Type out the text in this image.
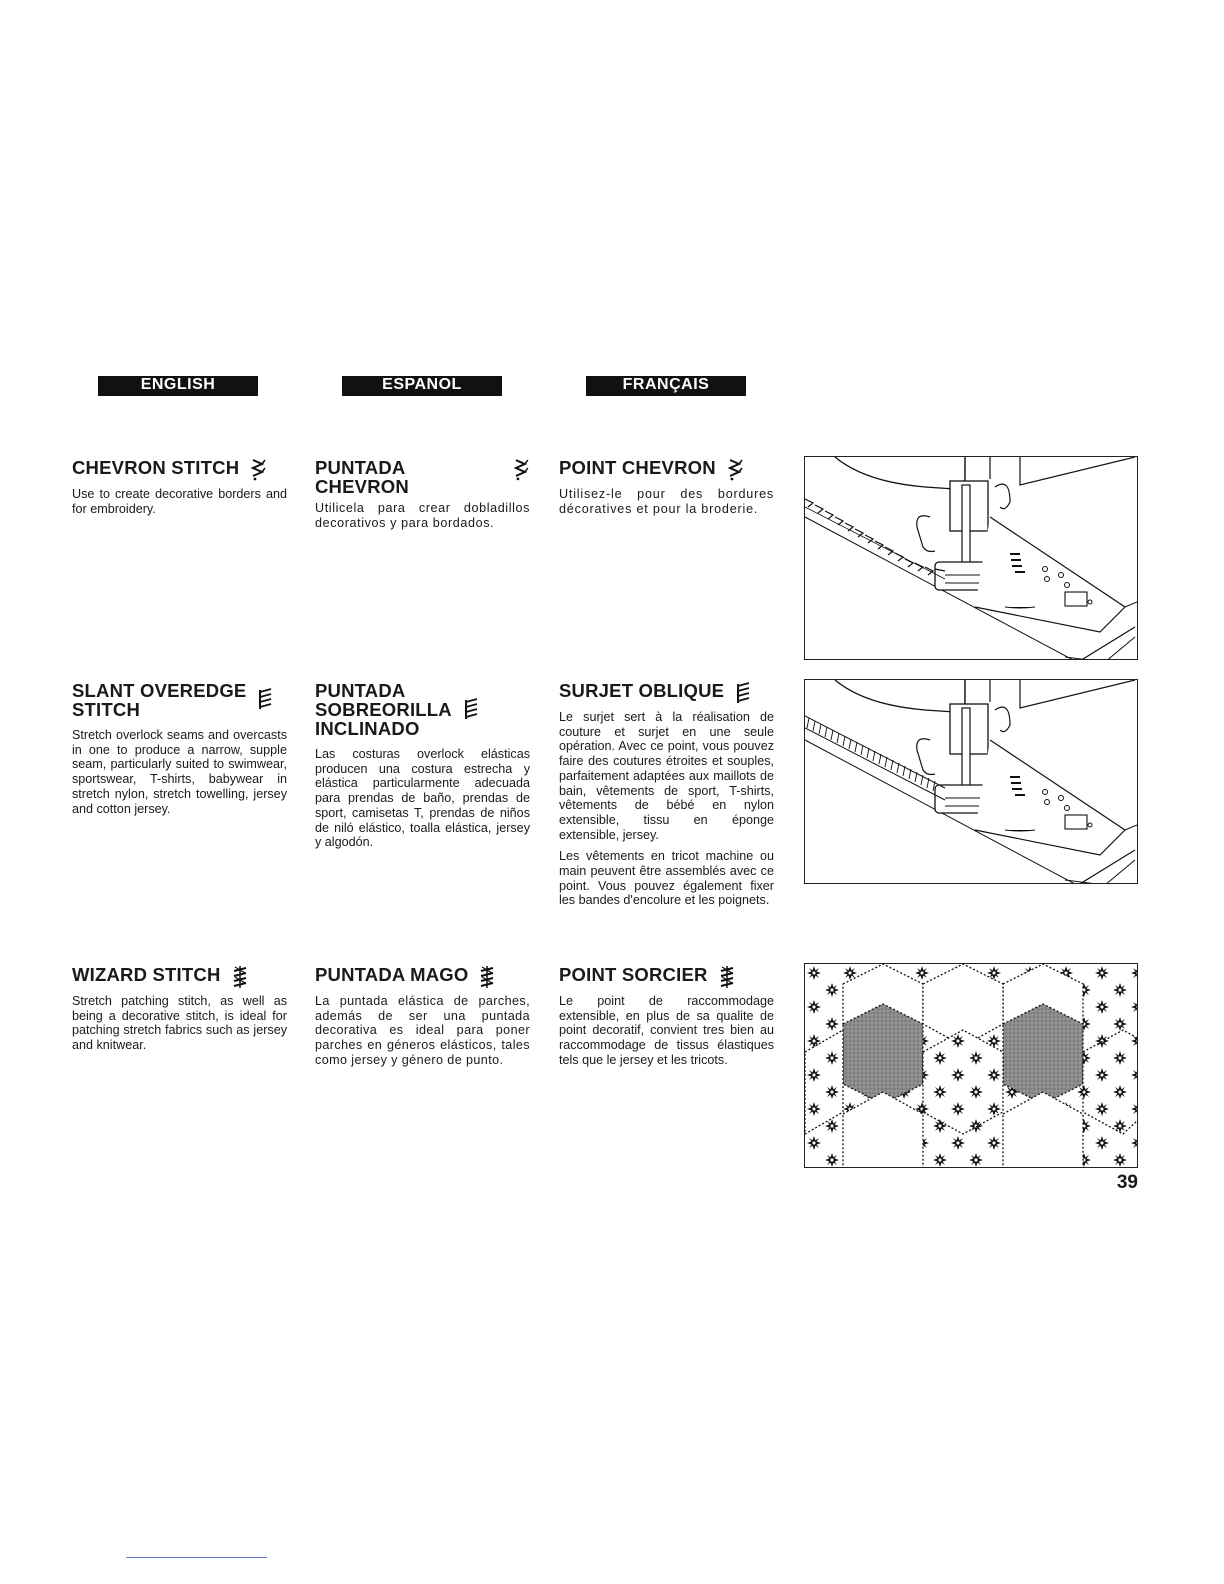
ENGLISH	ESPANOL	FRANÇAIS
CHEVRON STITCH

Use to create decorative borders and for embroidery.

PUNTADA CHEVRON

Utilicela para crear dobladillos decorativos y para bordados.

POINT CHEVRON

Utilisez-le pour des bordures décoratives et pour la broderie.

SLANT OVEREDGE
STITCH

Stretch overlock seams and overcasts in one to produce a narrow, supple seam, particularly suited to swimwear, sportswear, T-shirts, babywear in stretch nylon, stretch towelling, jersey and cotton jersey.

PUNTADA
SOBREORILLA
INCLINADO

Las costuras overlock elásticas producen una costura estrecha y elástica particularmente adecuada para prendas de baño, prendas de sport, camisetas T, prendas de niños de niló elástico, toalla elástica, jersey y algodón.

SURJET OBLIQUE

Le surjet sert à la réalisation de couture et surjet en une seule opération. Avec ce point, vous pouvez faire des coutures étroites et souples, parfaitement adaptées aux maillots de bain, vêtements de sport, T-shirts, vêtements de bébé en nylon extensible, tissu en éponge extensible, jersey.

Les vêtements en tricot machine ou main peuvent être assemblés avec ce point. Vous pouvez également fixer les bandes d'encolure et les poignets.

WIZARD STITCH

Stretch patching stitch, as well as being a decorative stitch, is ideal for patching stretch fabrics such as jersey and knitwear.

PUNTADA MAGO

La puntada elástica de parches, además de ser una puntada decorativa es ideal para poner parches en géneros elásticos, tales como jersey y género de punto.

POINT SORCIER

Le point de raccommodage extensible, en plus de sa qualite de point decoratif, convient tres bien au raccommodage de tissus élastiques tels que le jersey et les tricots.

39
